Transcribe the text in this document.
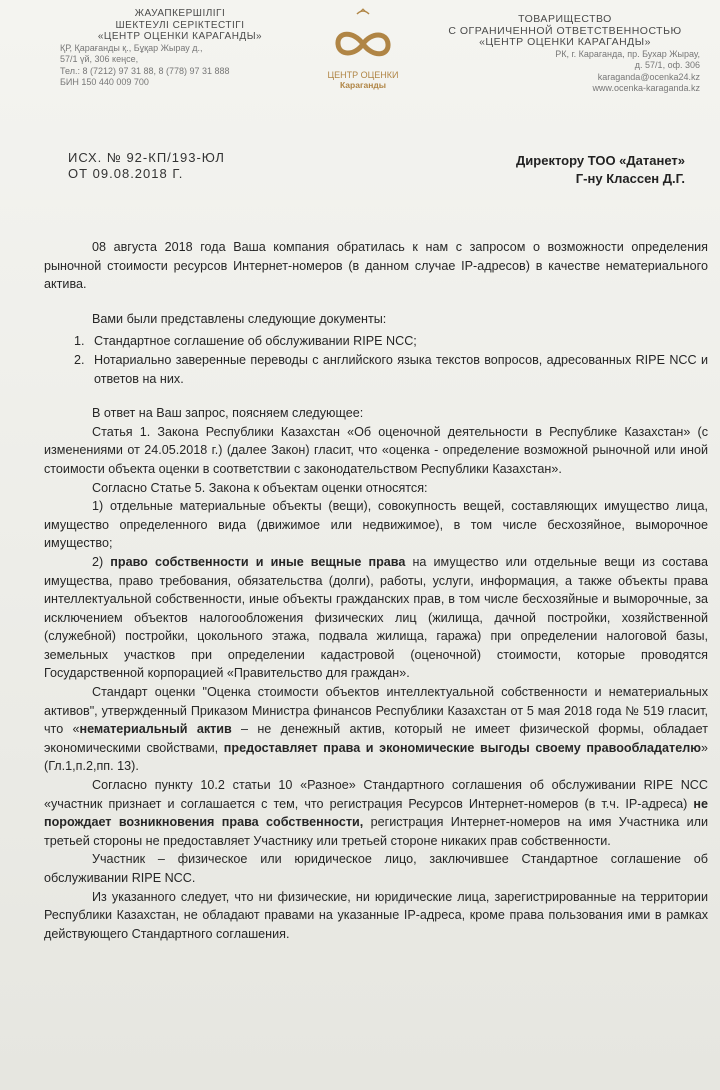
ЖАУАПКЕРШІЛІГІ
ШЕКТЕУЛІ СЕРІКТЕСТІГІ
«ЦЕНТР ОЦЕНКИ КАРАГАНДЫ»
ҚР, Қарағанды қ., Бұқар Жырау д.,
57/1 үй, 306 кеңсе,
Тел.: 8 (7212) 97 31 88, 8 (778) 97 31 888
БИН 150 440 009 700
ЦЕНТР ОЦЕНКИ
Караганды
ТОВАРИЩЕСТВО
С ОГРАНИЧЕННОЙ ОТВЕТСТВЕННОСТЬЮ
«ЦЕНТР ОЦЕНКИ КАРАГАНДЫ»
РК, г. Караганда, пр. Бухар Жырау,
д. 57/1, оф. 306
karaganda@ocenka24.kz
www.ocenka-karaganda.kz
ИСХ. № 92-КП/193-ЮЛ
ОТ 09.08.2018 Г.
Директору ТОО «Датанет»
Г-ну Классен Д.Г.

08 августа 2018 года Ваша компания обратилась к нам с запросом о возможности определения рыночной стоимости ресурсов Интернет-номеров (в данном случае IP-адресов) в качестве нематериального актива.

Вами были представлены следующие документы:

1. Стандартное соглашение об обслуживании RIPE NCC;
2. Нотариально заверенные переводы с английского языка текстов вопросов, адресованных RIPE NCC и ответов на них.

В ответ на Ваш запрос, поясняем следующее:

Статья 1. Закона Республики Казахстан «Об оценочной деятельности в Республике Казахстан» (с изменениями от 24.05.2018 г.) (далее Закон) гласит, что «оценка - определение возможной рыночной или иной стоимости объекта оценки в соответствии с законодательством Республики Казахстан».

Согласно Статье 5. Закона к объектам оценки относятся:

1) отдельные материальные объекты (вещи), совокупность вещей, составляющих имущество лица, имущество определенного вида (движимое или недвижимое), в том числе бесхозяйное, выморочное имущество;

2) право собственности и иные вещные права на имущество или отдельные вещи из состава имущества, право требования, обязательства (долги), работы, услуги, информация, а также объекты права интеллектуальной собственности, иные объекты гражданских прав, в том числе бесхозяйные и выморочные, за исключением объектов налогообложения физических лиц (жилища, дачной постройки, хозяйственной (служебной) постройки, цокольного этажа, подвала жилища, гаража) при определении налоговой базы, земельных участков при определении кадастровой (оценочной) стоимости, которые проводятся Государственной корпорацией «Правительство для граждан».

Стандарт оценки "Оценка стоимости объектов интеллектуальной собственности и нематериальных активов", утвержденный Приказом Министра финансов Республики Казахстан от 5 мая 2018 года № 519 гласит, что «нематериальный актив – не денежный актив, который не имеет физической формы, обладает экономическими свойствами, предоставляет права и экономические выгоды своему правообладателю» (Гл.1,п.2,пп. 13).

Согласно пункту 10.2 статьи 10 «Разное» Стандартного соглашения об обслуживании RIPE NCC «участник признает и соглашается с тем, что регистрация Ресурсов Интернет-номеров (в т.ч. IP-адреса) не порождает возникновения права собственности, регистрация Интернет-номеров на имя Участника или третьей стороны не предоставляет Участнику или третьей стороне никаких прав собственности.

Участник – физическое или юридическое лицо, заключившее Стандартное соглашение об обслуживании RIPE NCC.

Из указанного следует, что ни физические, ни юридические лица, зарегистрированные на территории Республики Казахстан, не обладают правами на указанные IP-адреса, кроме права пользования ими в рамках действующего Стандартного соглашения.
